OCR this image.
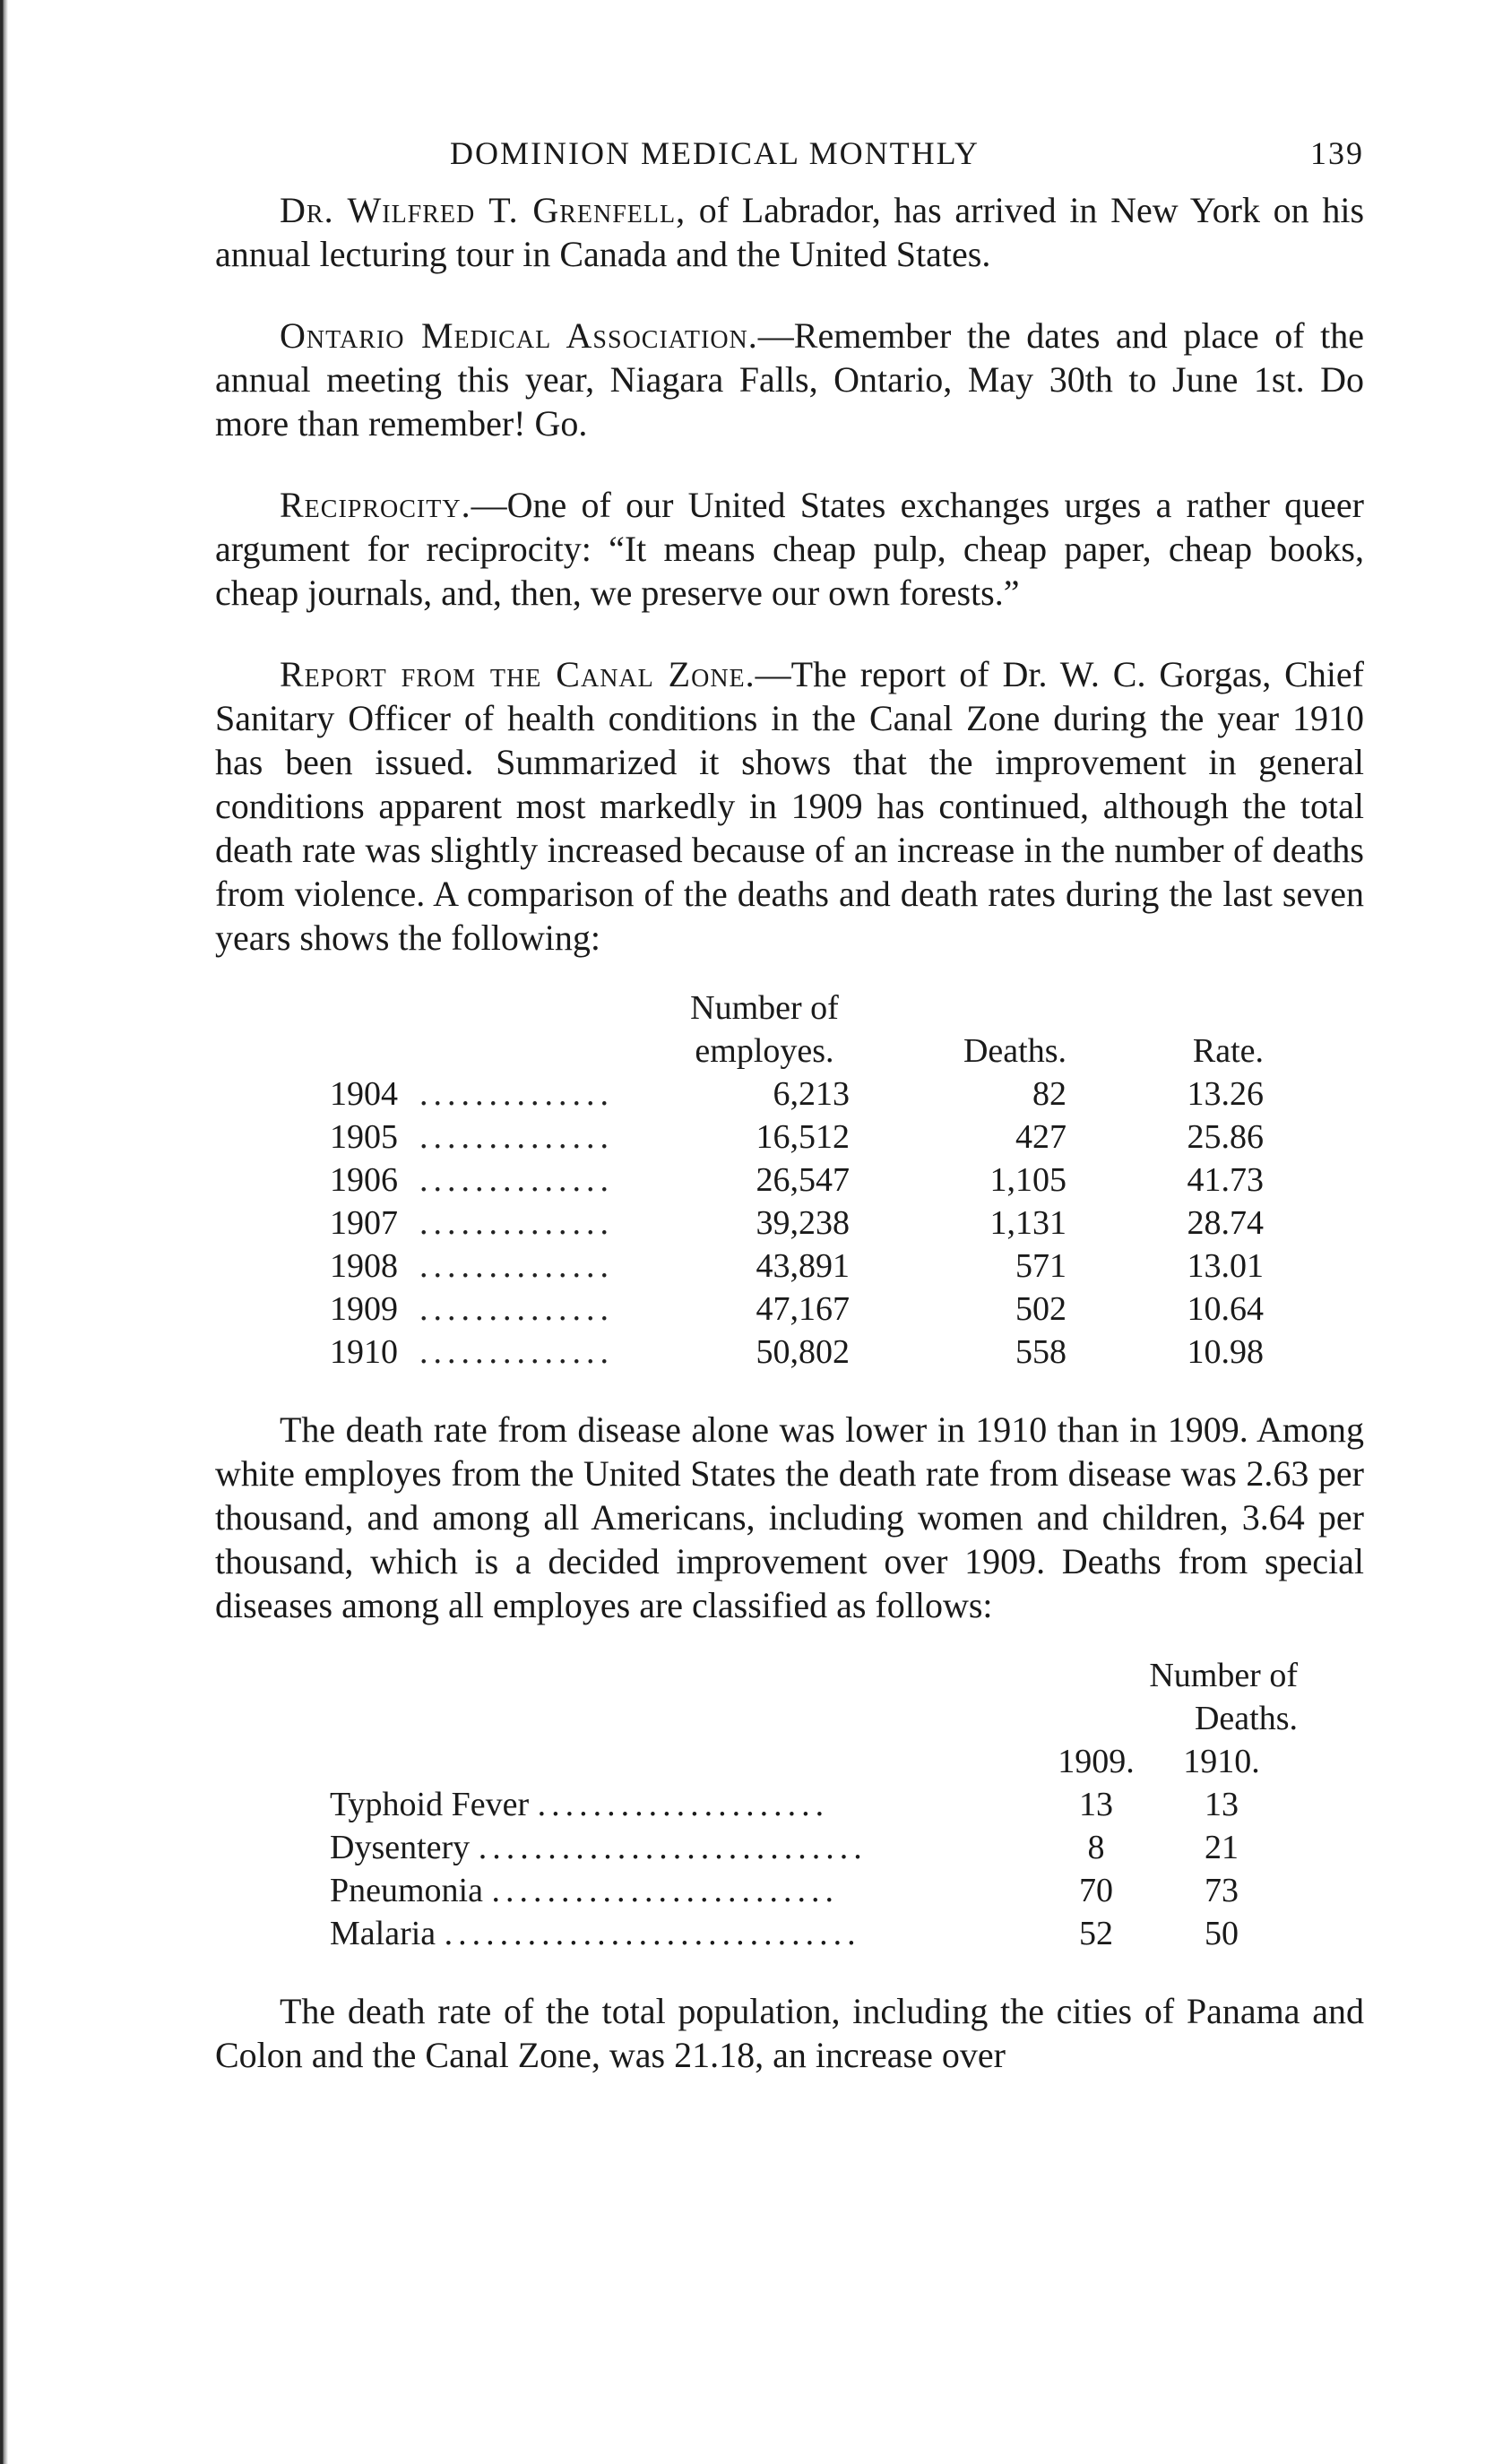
DOMINION MEDICAL MONTHLY	139

Dr. Wilfred T. Grenfell, of Labrador, has arrived in New York on his annual lecturing tour in Canada and the United States.

Ontario Medical Association.—Remember the dates and place of the annual meeting this year, Niagara Falls, Ontario, May 30th to June 1st. Do more than remember! Go.

Reciprocity.—One of our United States exchanges urges a rather queer argument for reciprocity: “It means cheap pulp, cheap paper, cheap books, cheap journals, and, then, we preserve our own forests.”

Report from the Canal Zone.—The report of Dr. W. C. Gorgas, Chief Sanitary Officer of health conditions in the Canal Zone during the year 1910 has been issued. Summarized it shows that the improvement in general conditions apparent most markedly in 1909 has continued, although the total death rate was slightly increased because of an increase in the number of deaths from violence. A comparison of the deaths and death rates during the last seven years shows the following:

		Number of		
		employes.	Deaths.	Rate.
1904	..............	6,213	82	13.26
1905	..............	16,512	427	25.86
1906	..............	26,547	1,105	41.73
1907	..............	39,238	1,131	28.74
1908	..............	43,891	571	13.01
1909	..............	47,167	502	10.64
1910	..............	50,802	558	10.98

The death rate from disease alone was lower in 1910 than in 1909. Among white employes from the United States the death rate from disease was 2.63 per thousand, and among all Americans, including women and children, 3.64 per thousand, which is a decided improvement over 1909. Deaths from special diseases among all employes are classified as follows:

	Number of Deaths.	
	1909.	1910.
Typhoid Fever .....................	13	13
Dysentery ............................	8	21
Pneumonia .........................	70	73
Malaria ..............................	52	50

The death rate of the total population, including the cities of Panama and Colon and the Canal Zone, was 21.18, an increase over
